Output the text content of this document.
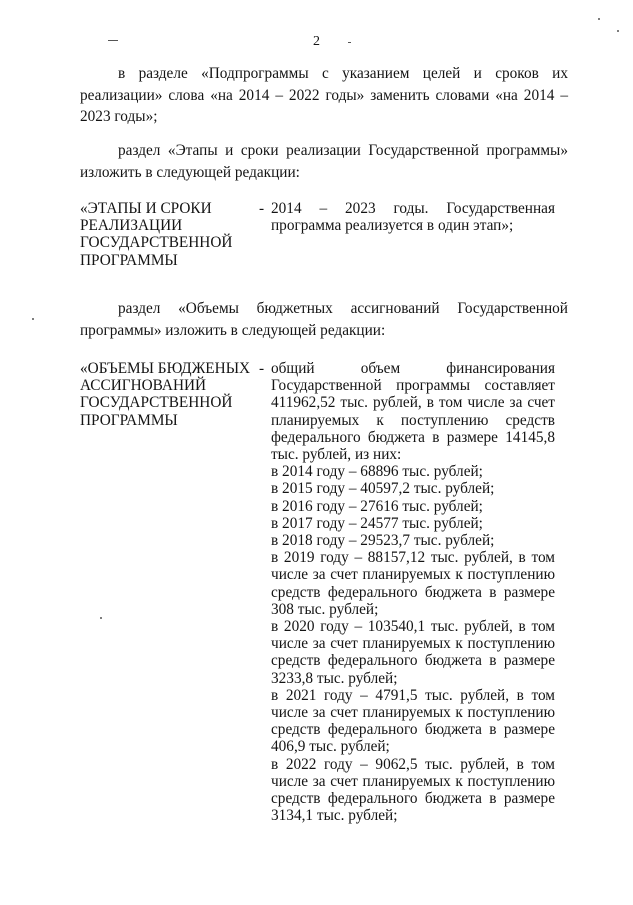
2

в разделе «Подпрограммы с указанием целей и сроков их реализации» слова «на 2014 – 2022 годы» заменить словами «на 2014 – 2023 годы»;

раздел «Этапы и сроки реализации Государственной программы» изложить в следующей редакции:

«ЭТАПЫ И СРОКИ РЕАЛИЗАЦИИ ГОСУДАРСТВЕННОЙ ПРОГРАММЫ
- 2014 – 2023 годы. Государственная программа реализуется в один этап»;

раздел «Объемы бюджетных ассигнований Государственной программы» изложить в следующей редакции:

«ОБЪЕМЫ БЮДЖЕНЫХ АССИГНОВАНИЙ ГОСУДАРСТВЕННОЙ ПРОГРАММЫ
- общий объем финансирования Государственной программы составляет 411962,52 тыс. рублей, в том числе за счет планируемых к поступлению средств федерального бюджета в размере 14145,8 тыс. рублей, из них:

в 2014 году – 68896 тыс. рублей;

в 2015 году – 40597,2 тыс. рублей;

в 2016 году – 27616 тыс. рублей;

в 2017 году – 24577 тыс. рублей;

в 2018 году – 29523,7 тыс. рублей;

в 2019 году – 88157,12 тыс. рублей, в том числе за счет планируемых к поступлению средств федерального бюджета в размере 308 тыс. рублей;

в 2020 году – 103540,1 тыс. рублей, в том числе за счет планируемых к поступлению средств федерального бюджета в размере 3233,8 тыс. рублей;

в 2021 году – 4791,5 тыс. рублей, в том числе за счет планируемых к поступлению средств федерального бюджета в размере 406,9 тыс. рублей;

в 2022 году – 9062,5 тыс. рублей, в том числе за счет планируемых к поступлению средств федерального бюджета в размере 3134,1 тыс. рублей;
